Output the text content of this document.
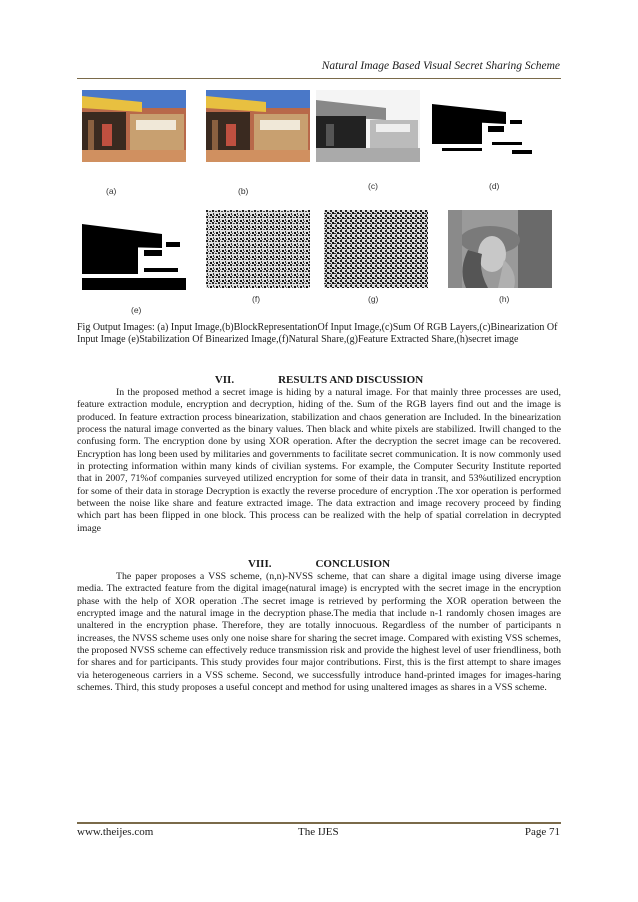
Natural Image Based Visual Secret Sharing Scheme
(a)	(b)	(c)	(d)
(e)
(f)	(g)	(h)
Fig Output Images: (a) Input Image,(b)BlockRepresentationOf Input Image,(c)Sum Of RGB Layers,(c)Binearization Of Input Image (e)Stabilization Of Binearized Image,(f)Natural Share,(g)Feature Extracted Share,(h)secret image
VII.	RESULTS AND DISCUSSION
In the proposed method a secret image is hiding by a natural image. For that mainly three processes are used, feature extraction module, encryption and decryption, hiding of the. Sum of the RGB layers find out and the image is produced. In feature extraction process binearization, stabilization and chaos generation are Included. In the binearization process the natural image converted as the binary values. Then black and white pixels are stabilized. Itwill changed to the confusing form. The encryption done by using XOR operation. After the decryption the secret image can be recovered. Encryption has long been used by militaries and governments to facilitate secret communication. It is now commonly used in protecting information within many kinds of civilian systems. For example, the Computer Security Institute reported that in 2007, 71%of companies surveyed utilized encryption for some of their data in transit, and 53%utilized encryption for some of their data in storage Decryption is exactly the reverse procedure of encryption .The xor operation is performed between the noise like share and feature extracted image. The data extraction and image recovery proceed by finding which part has been flipped in one block. This process can be realized with the help of spatial correlation in decrypted image
VIII.	CONCLUSION
The paper proposes a VSS scheme, (n,n)-NVSS scheme, that can share a digital image using diverse image media. The extracted feature from the digital image(natural image) is encrypted with the secret image in the encryption phase with the help of XOR operation .The secret image is retrieved by performing the XOR operation between the encrypted image and the natural image in the decryption phase.The media that include n-1 randomly chosen images are unaltered in the encryption phase. Therefore, they are totally innocuous. Regardless of the number of participants n increases, the NVSS scheme uses only one noise share for sharing the secret image. Compared with existing VSS schemes, the proposed NVSS scheme can effectively reduce transmission risk and provide the highest level of user friendliness, both for shares and for participants. This study provides four major contributions. First, this is the first attempt to share images via heterogeneous carriers in a VSS scheme. Second, we successfully introduce hand-printed images for images-haring schemes. Third, this study proposes a useful concept and method for using unaltered images as shares in a VSS scheme.
www.theijes.com	The IJES	Page 71
